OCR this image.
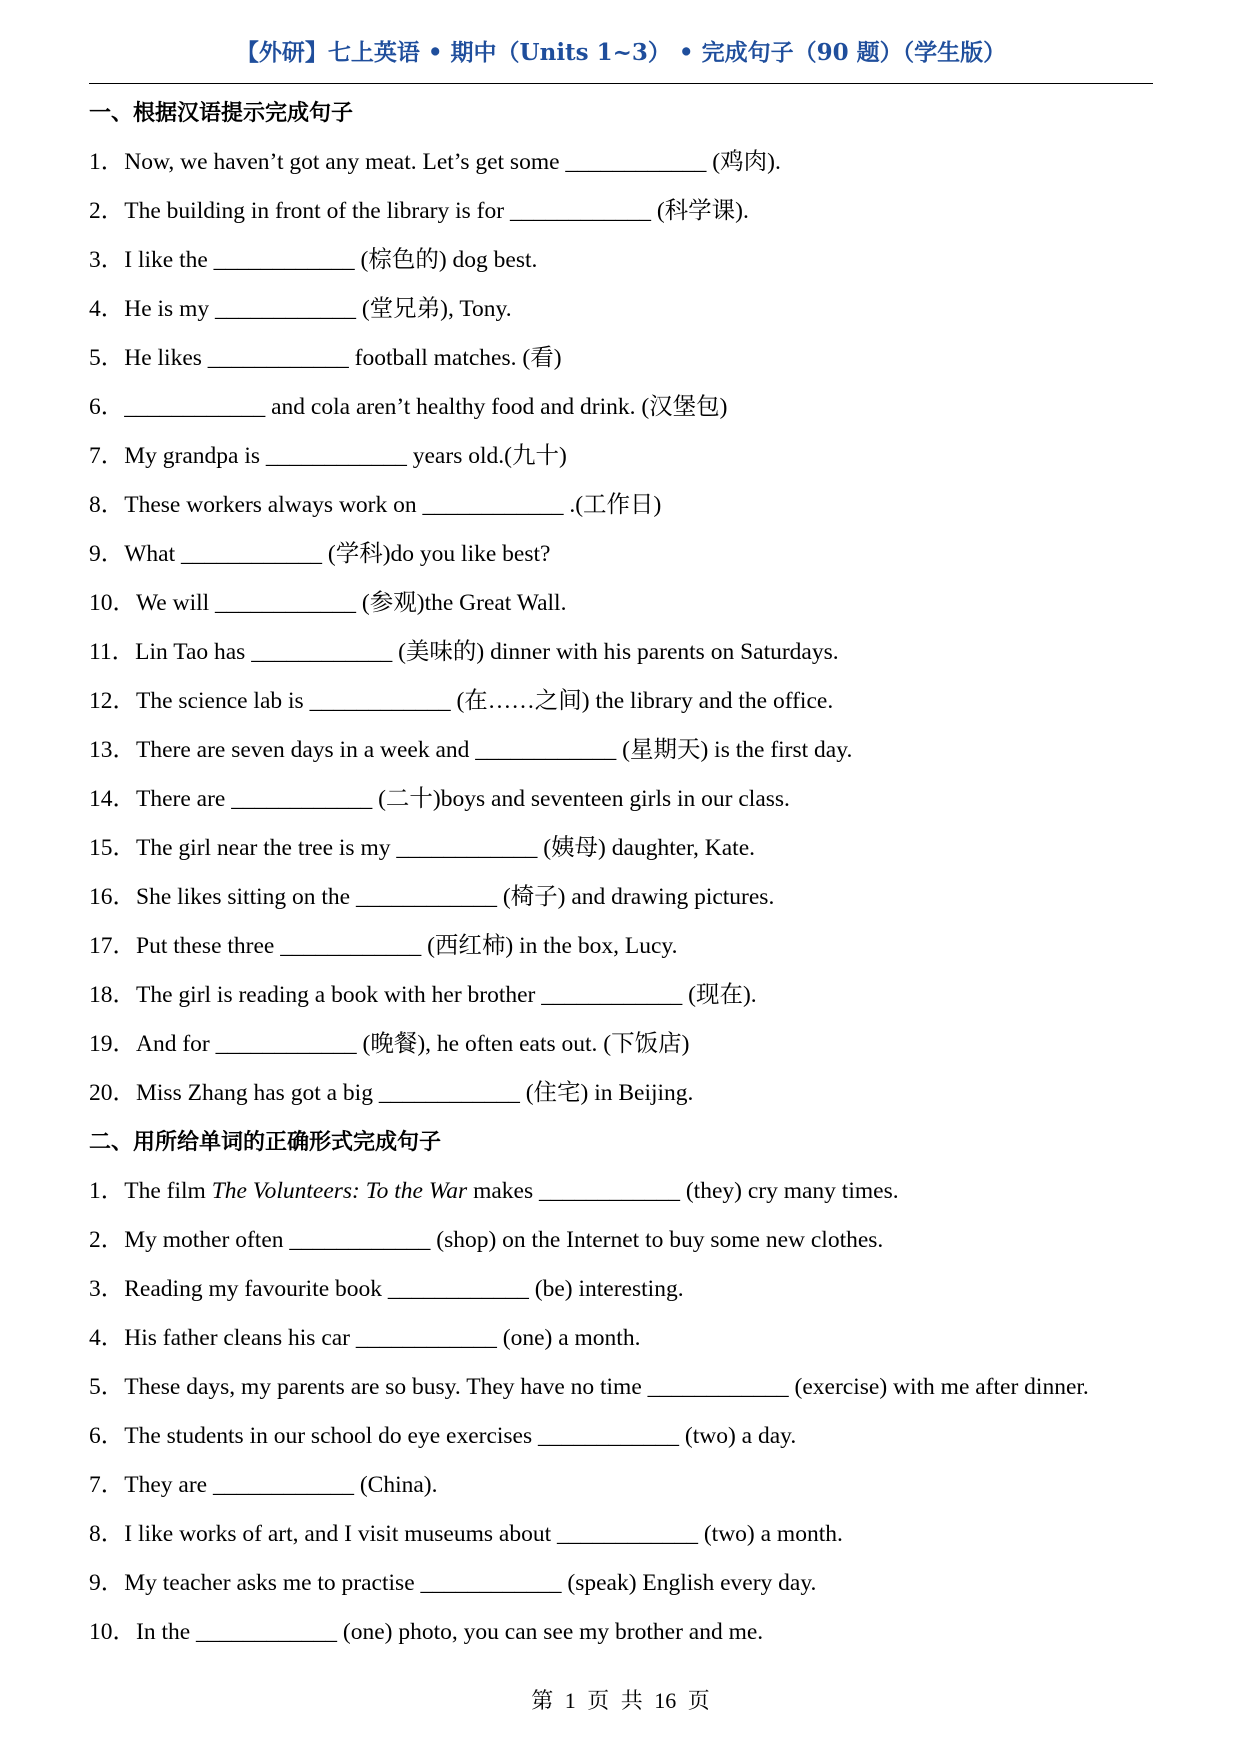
【外研】七上英语 • 期中（Units 1~3） • 完成句子（90 题）（学生版）
一、根据汉语提示完成句子
1．Now, we haven’t got any meat. Let’s get some ____________ (鸡肉).
2．The building in front of the library is for ____________ (科学课).
3．I like the ____________ (棕色的) dog best.
4．He is my ____________ (堂兄弟), Tony.
5．He likes ____________ football matches. (看)
6．____________ and cola aren’t healthy food and drink. (汉堡包)
7．My grandpa is ____________ years old.(九十)
8．These workers always work on ____________ .(工作日)
9．What ____________ (学科)do you like best?
10．We will ____________ (参观)the Great Wall.
11．Lin Tao has ____________ (美味的) dinner with his parents on Saturdays.
12．The science lab is ____________ (在……之间) the library and the office.
13．There are seven days in a week and ____________ (星期天) is the first day.
14．There are ____________ (二十)boys and seventeen girls in our class.
15．The girl near the tree is my ____________ (姨母) daughter, Kate.
16．She likes sitting on the ____________ (椅子) and drawing pictures.
17．Put these three ____________ (西红柿) in the box, Lucy.
18．The girl is reading a book with her brother ____________ (现在).
19．And for ____________ (晚餐), he often eats out. (下饭店)
20．Miss Zhang has got a big ____________ (住宅) in Beijing.
二、用所给单词的正确形式完成句子
1．The film The Volunteers: To the War makes ____________ (they) cry many times.
2．My mother often ____________ (shop) on the Internet to buy some new clothes.
3．Reading my favourite book ____________ (be) interesting.
4．His father cleans his car ____________ (one) a month.
5．These days, my parents are so busy. They have no time ____________ (exercise) with me after dinner.
6．The students in our school do eye exercises ____________ (two) a day.
7．They are ____________ (China).
8．I like works of art, and I visit museums about ____________ (two) a month.
9．My teacher asks me to practise ____________ (speak) English every day.
10．In the ____________ (one) photo, you can see my brother and me.
第 1 页 共 16 页
